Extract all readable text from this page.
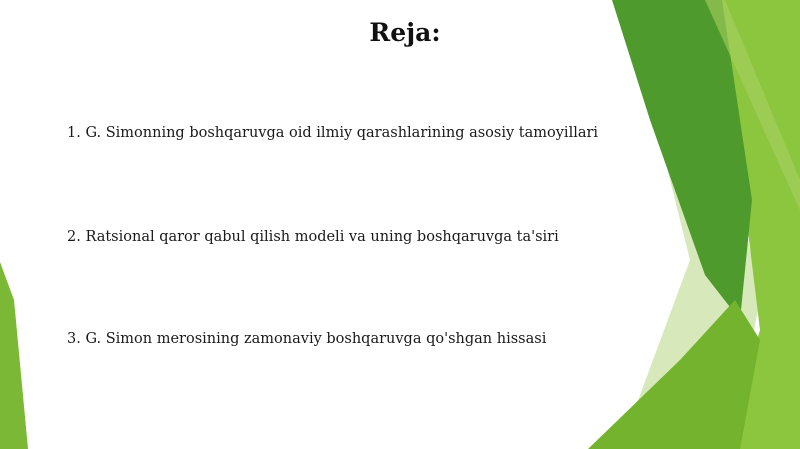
Reja:

1. G. Simonning boshqaruvga oid ilmiy qarashlarining asosiy tamoyillari

2. Ratsional qaror qabul qilish modeli va uning boshqaruvga ta'siri

3. G. Simon merosining zamonaviy boshqaruvga qo'shgan hissasi
